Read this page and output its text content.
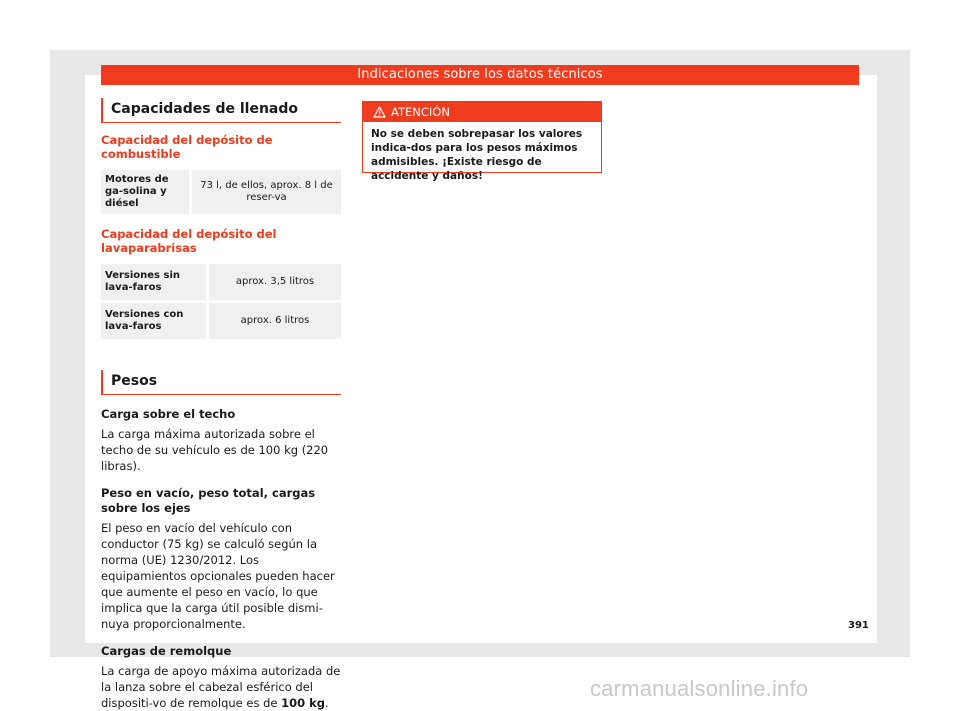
Indicaciones sobre los datos técnicos
Capacidades de llenado
Capacidad del depósito de combustible
Motores de ga-solina y diésel	73 l, de ellos, aprox. 8 l de reser-va
Capacidad del depósito del lavaparabrisas
Versiones sin lava-faros	aprox. 3,5 litros
Versiones con lava-faros	aprox. 6 litros
Pesos
Carga sobre el techo
La carga máxima autorizada sobre el techo de su vehículo es de 100 kg (220 libras).
Peso en vacío, peso total, cargas sobre los ejes
El peso en vacío del vehículo con conductor (75 kg) se calculó según la norma (UE) 1230/2012. Los equipamientos opcionales pueden hacer que aumente el peso en vacío, lo que implica que la carga útil posible dismi-nuya proporcionalmente.
Cargas de remolque
La carga de apoyo máxima autorizada de la lanza sobre el cabezal esférico del dispositi-vo de remolque es de 100 kg.
ATENCIÓN
No se deben sobrepasar los valores indica-dos para los pesos máximos admisibles. ¡Existe riesgo de accidente y daños!
391
carmanualsonline.info
